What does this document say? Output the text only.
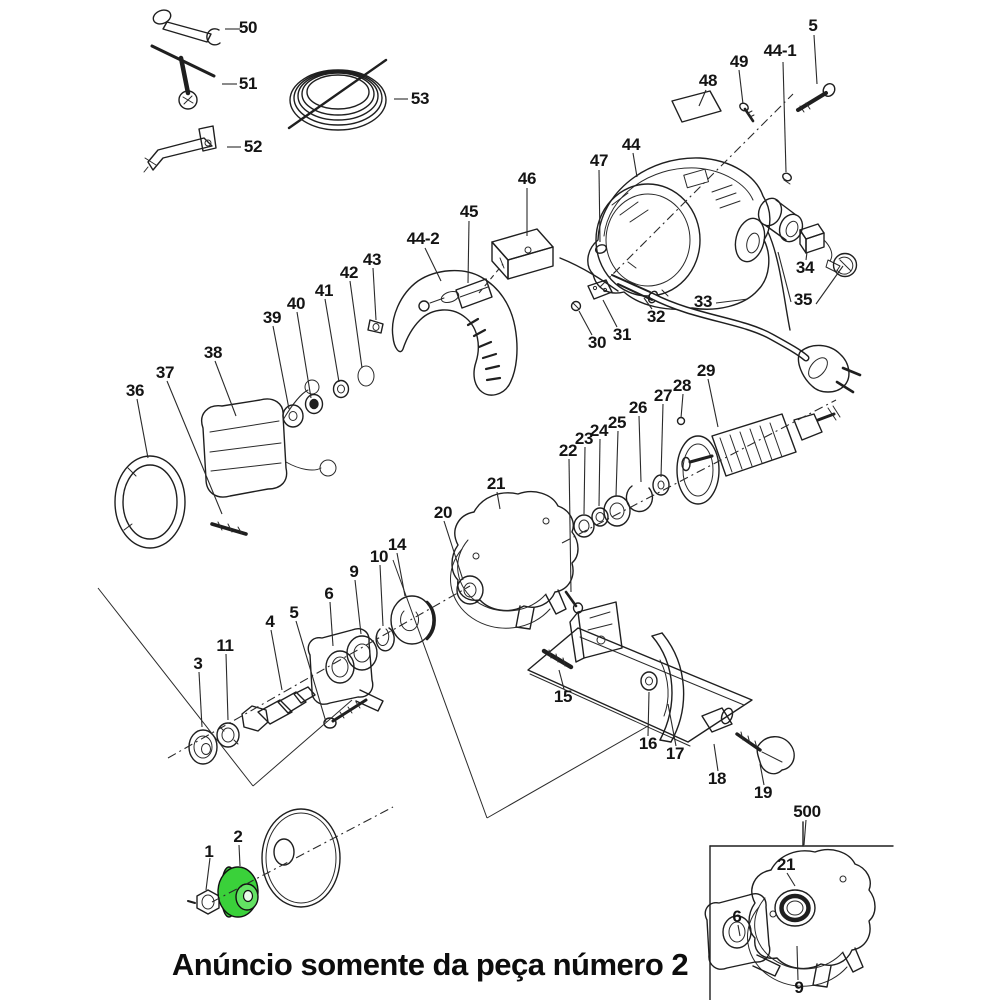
50
51
52
53
48
49
44-1
5
44
47
46
45
44-2
43
42
41
40
39
38
37
36
34
35
33
32
31
30
29
28
27
26
25
24
23
22
21
20
14
10
9
6
5
4
11
3
15
16
17
18
19
500
2
1
21
6
9
Anúncio somente da peça número 2
